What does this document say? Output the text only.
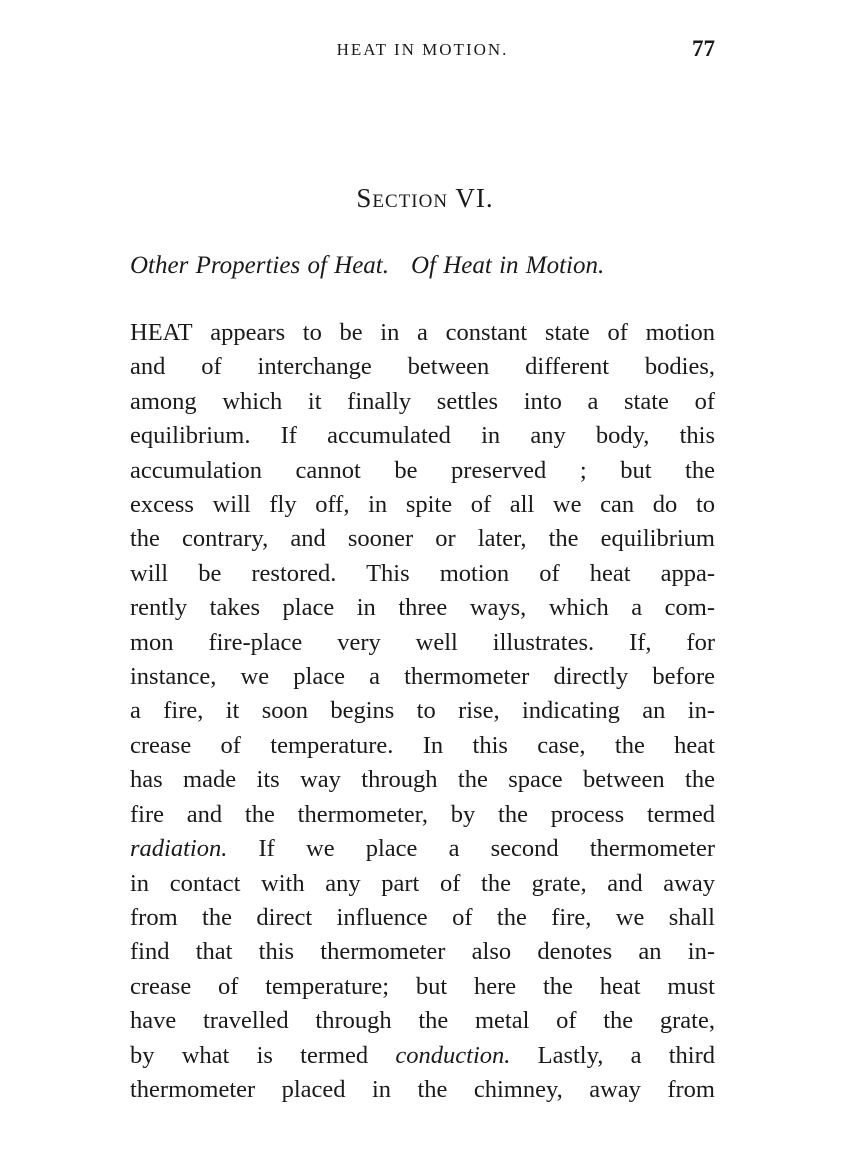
HEAT IN MOTION.	77
Section VI.
Other Properties of Heat. Of Heat in Motion.
HEAT appears to be in a constant state of motion
and of interchange between different bodies,
among which it finally settles into a state of
equilibrium. If accumulated in any body, this
accumulation cannot be preserved ; but the
excess will fly off, in spite of all we can do to
the contrary, and sooner or later, the equilibrium
will be restored. This motion of heat appa-
rently takes place in three ways, which a com-
mon fire-place very well illustrates. If, for
instance, we place a thermometer directly before
a fire, it soon begins to rise, indicating an in-
crease of temperature. In this case, the heat
has made its way through the space between the
fire and the thermometer, by the process termed
radiation. If we place a second thermometer
in contact with any part of the grate, and away
from the direct influence of the fire, we shall
find that this thermometer also denotes an in-
crease of temperature; but here the heat must
have travelled through the metal of the grate,
by what is termed conduction. Lastly, a third
thermometer placed in the chimney, away from
